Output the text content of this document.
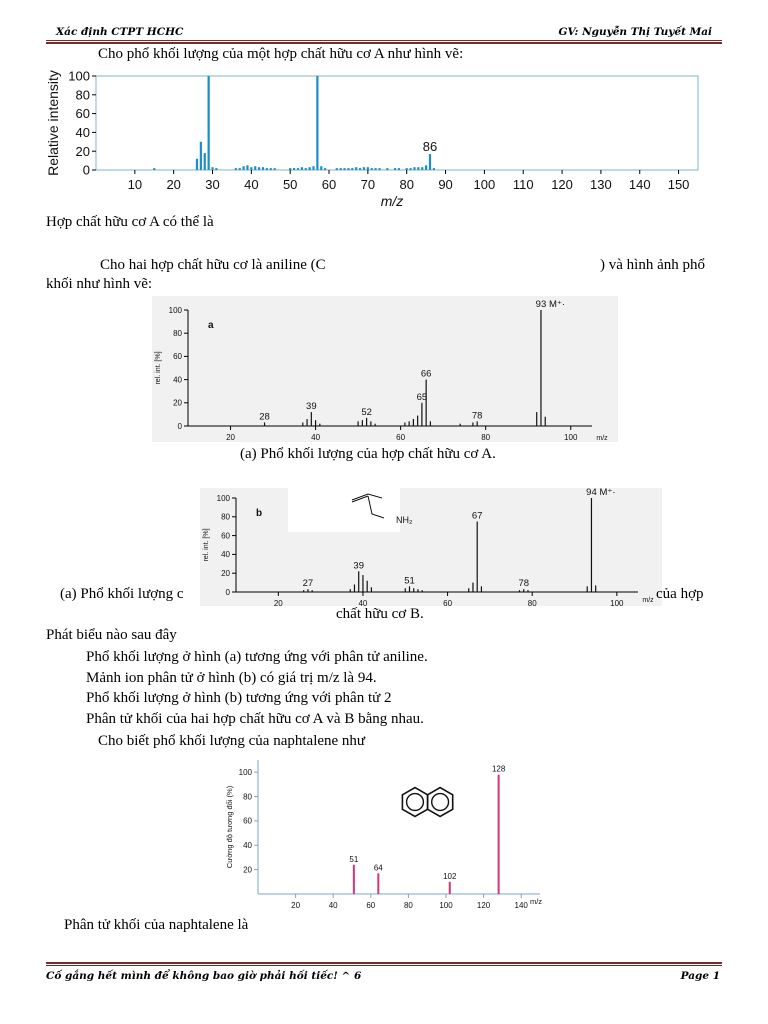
Xác định CTPT HCHC	GV: Nguyễn Thị Tuyết Mai
Cho phổ khối lượng của một hợp chất hữu cơ A như hình vẽ:
0
20
40
60
80
100
10 20 30 40 50 60 70 80 90 100 110 120 130 140 150
86
m/z
Relative intensity
Hợp chất hữu cơ A có thể là
Cho hai hợp chất hữu cơ là aniline (C	) và hình ảnh phổ
khối như hình vẽ:
0
20
40
60
80
100
20	40	60	80	100
28
39
52
65
66
78
93 M⁺·
a
m/z
rel. int. [%]
(a) Phổ khối lượng của hợp chất hữu cơ A.
0
20
40
60
80
100
20	40	60	80	100
27
39
51
67
78
94 M⁺·
b
m/z
rel. int. [%]
NH₂
(a) Phổ khối lượng c	của hợp
chất hữu cơ B.
Phát biểu nào sau đây
Phổ khối lượng ở hình (a) tương ứng với phân tử aniline.
Mảnh ion phân tử ở hình (b) có giá trị m/z là 94.
Phổ khối lượng ở hình (b) tương ứng với phân tử 2
Phân tử khối của hai hợp chất hữu cơ A và B bằng nhau.
Cho biết phổ khối lượng của naphtalene như
20
40
60
80
100
20	40	60	80	100	120	140
51
64
102
128
m/z
Cường độ tương đối (%)
Phân tử khối của naphtalene là
Cố gắng hết mình để không bao giờ phải hối tiếc! ^ 6	Page 1
